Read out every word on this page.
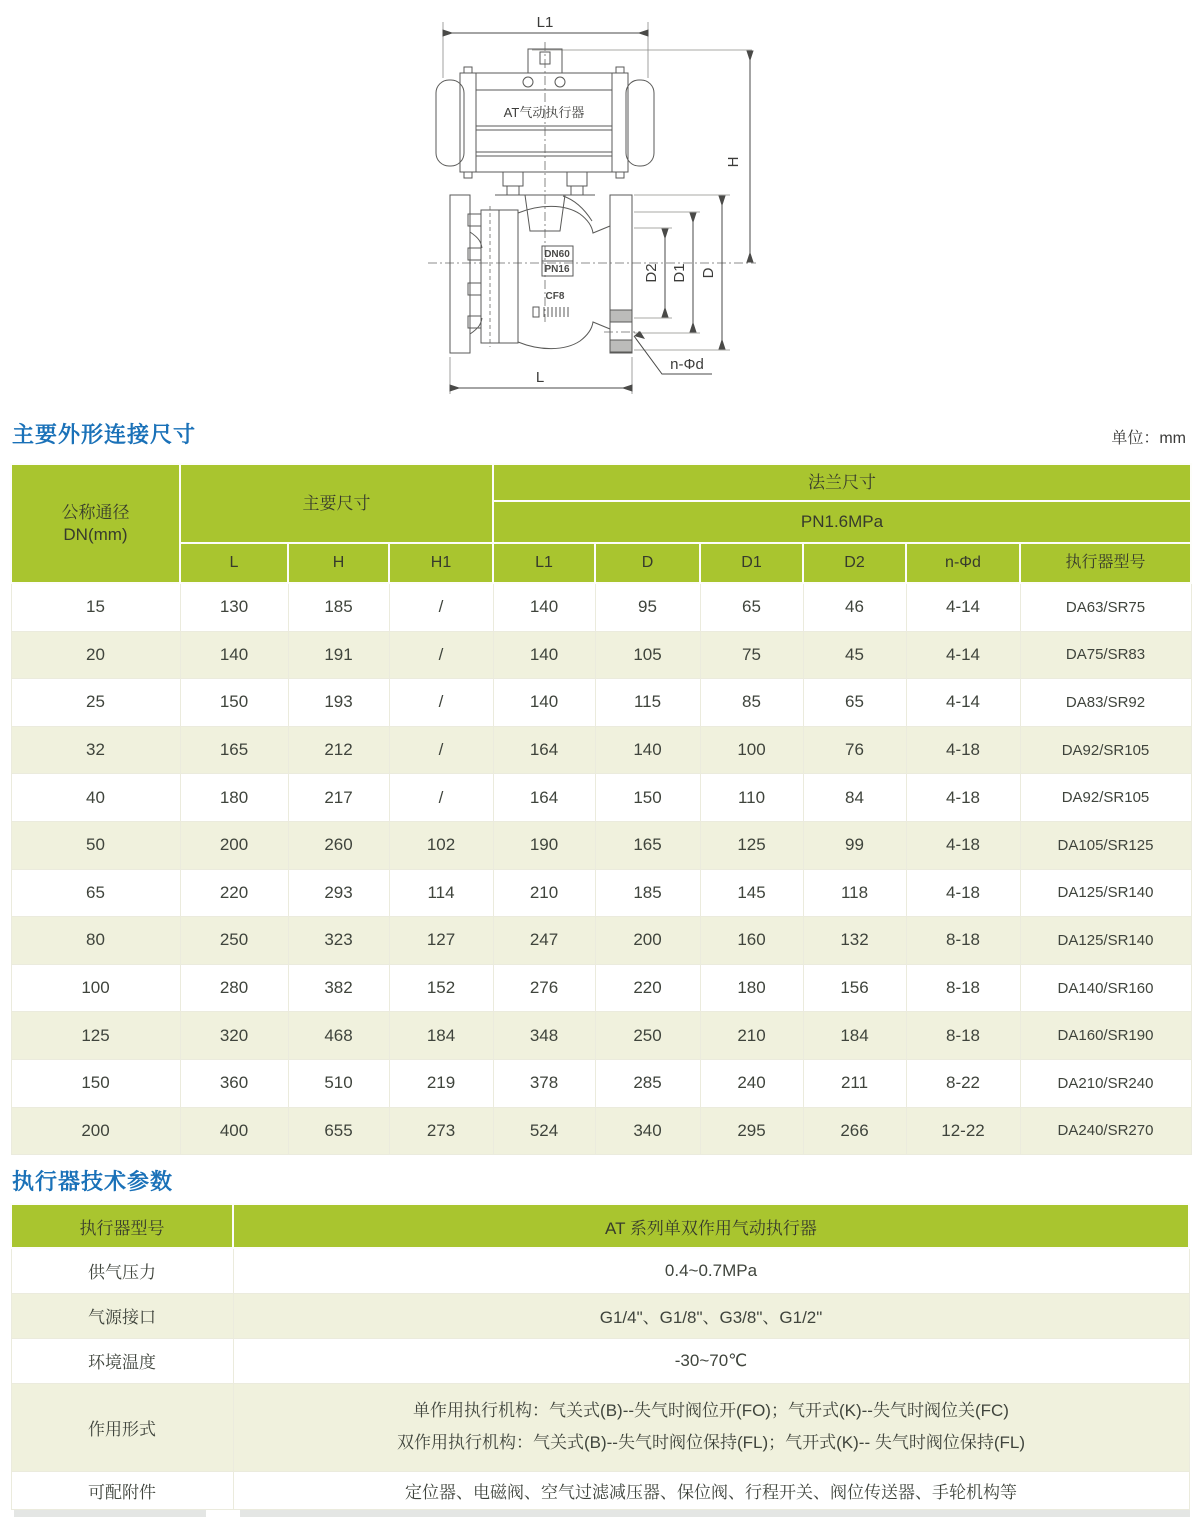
L1
H
AT气动执行器
DN60
PN16
CF8
D2 D1 D
L
n-Φd
主要外形连接尺寸	单位：mm
公称通径
DN(mm)	主要尺寸			法兰尺寸					
				PN1.6MPa					
	L	H	H1	L1	D	D1	D2	n-Φd	执行器型号
15	130	185	/	140	95	65	46	4-14	DA63/SR75
20	140	191	/	140	105	75	45	4-14	DA75/SR83
25	150	193	/	140	115	85	65	4-14	DA83/SR92
32	165	212	/	164	140	100	76	4-18	DA92/SR105
40	180	217	/	164	150	110	84	4-18	DA92/SR105
50	200	260	102	190	165	125	99	4-18	DA105/SR125
65	220	293	114	210	185	145	118	4-18	DA125/SR140
80	250	323	127	247	200	160	132	8-18	DA125/SR140
100	280	382	152	276	220	180	156	8-18	DA140/SR160
125	320	468	184	348	250	210	184	8-18	DA160/SR190
150	360	510	219	378	285	240	211	8-22	DA210/SR240
200	400	655	273	524	340	295	266	12-22	DA240/SR270
执行器技术参数
执行器型号	AT 系列单双作用气动执行器
供气压力	0.4~0.7MPa
气源接口	G1/4"、G1/8"、G3/8"、G1/2"
环境温度	-30~70℃
作用形式	单作用执行机构：气关式(B)--失气时阀位开(FO)；气开式(K)--失气时阀位关(FC)
双作用执行机构：气关式(B)--失气时阀位保持(FL)；气开式(K)-- 失气时阀位保持(FL)

可配附件	定位器、电磁阀、空气过滤减压器、保位阀、行程开关、阀位传送器、手轮机构等
